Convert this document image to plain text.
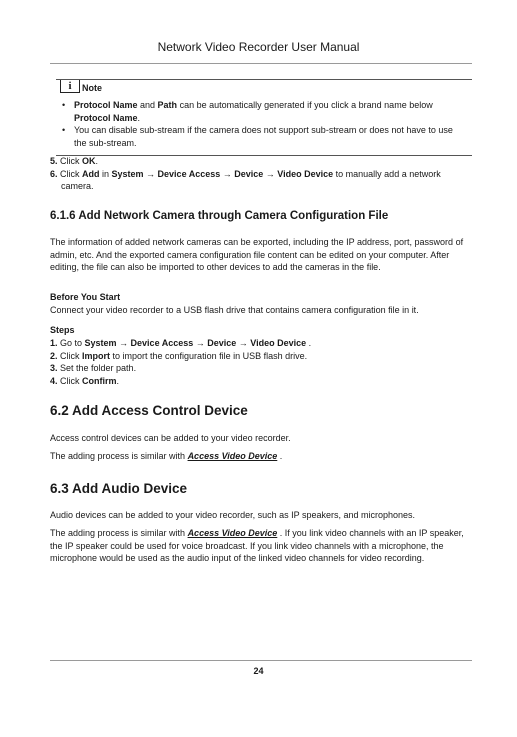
Network Video Recorder User Manual
i Note
• Protocol Name and Path can be automatically generated if you click a brand name below Protocol Name.
• You can disable sub-stream if the camera does not support sub-stream or does not have to use the sub-stream.
5. Click OK.
6. Click Add in System → Device Access → Device → Video Device to manually add a network camera.
6.1.6 Add Network Camera through Camera Configuration File
The information of added network cameras can be exported, including the IP address, port, password of admin, etc. And the exported camera configuration file content can be edited on your computer. After editing, the file can also be imported to other devices to add the cameras in the file.
Before You Start
Connect your video recorder to a USB flash drive that contains camera configuration file in it.
Steps
1. Go to System → Device Access → Device → Video Device .
2. Click Import to import the configuration file in USB flash drive.
3. Set the folder path.
4. Click Confirm.
6.2 Add Access Control Device
Access control devices can be added to your video recorder.
The adding process is similar with Access Video Device .
6.3 Add Audio Device
Audio devices can be added to your video recorder, such as IP speakers, and microphones.
The adding process is similar with Access Video Device . If you link video channels with an IP speaker, the IP speaker could be used for voice broadcast. If you link video channels with a microphone, the microphone would be used as the audio input of the linked video channels for video recording.
24
